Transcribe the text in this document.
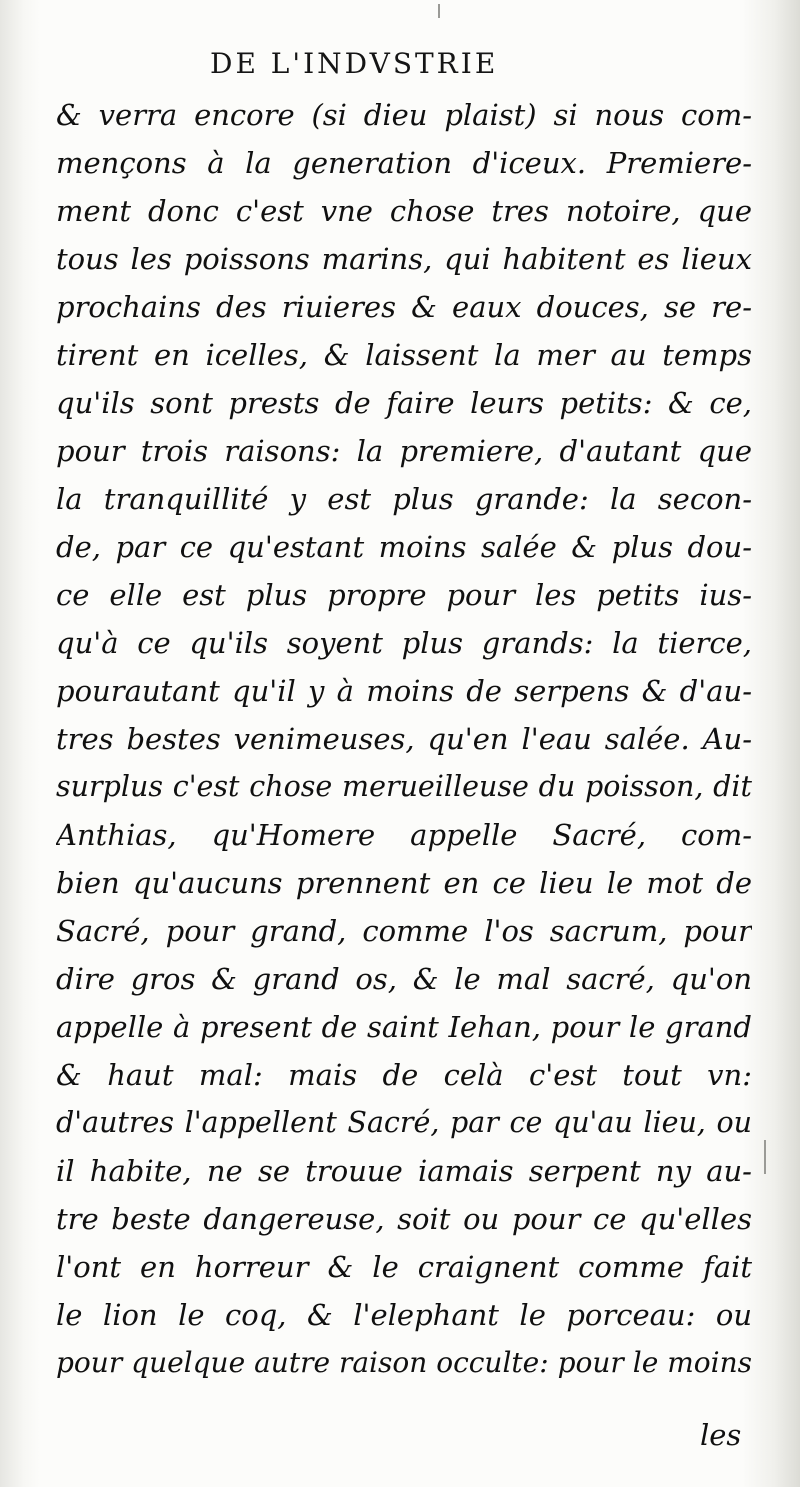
DE L'INDVSTRIE
& verra encore (si dieu plaist) si nous com-
mençons à la generation d'iceux. Premiere-
ment donc c'est vne chose tres notoire, que
tous les poissons marins, qui habitent es lieux
prochains des riuieres & eaux douces, se re-
tirent en icelles, & laissent la mer au temps
qu'ils sont prests de faire leurs petits: & ce,
pour trois raisons: la premiere, d'autant que
la tranquillité y est plus grande: la secon-
de, par ce qu'estant moins salée & plus dou-
ce elle est plus propre pour les petits ius-
qu'à ce qu'ils soyent plus grands: la tierce,
pourautant qu'il y à moins de serpens & d'au-
tres bestes venimeuses, qu'en l'eau salée. Au-
surplus c'est chose merueilleuse du poisson, dit
Anthias, qu'Homere appelle Sacré, com-
bien qu'aucuns prennent en ce lieu le mot de
Sacré, pour grand, comme l'os sacrum, pour
dire gros & grand os, & le mal sacré, qu'on
appelle à present de saint Iehan, pour le grand
& haut mal: mais de celà c'est tout vn:
d'autres l'appellent Sacré, par ce qu'au lieu, ou
il habite, ne se trouue iamais serpent ny au-
tre beste dangereuse, soit ou pour ce qu'elles
l'ont en horreur & le craignent comme fait
le lion le coq, & l'elephant le porceau: ou
pour quelque autre raison occulte: pour le moins
les
